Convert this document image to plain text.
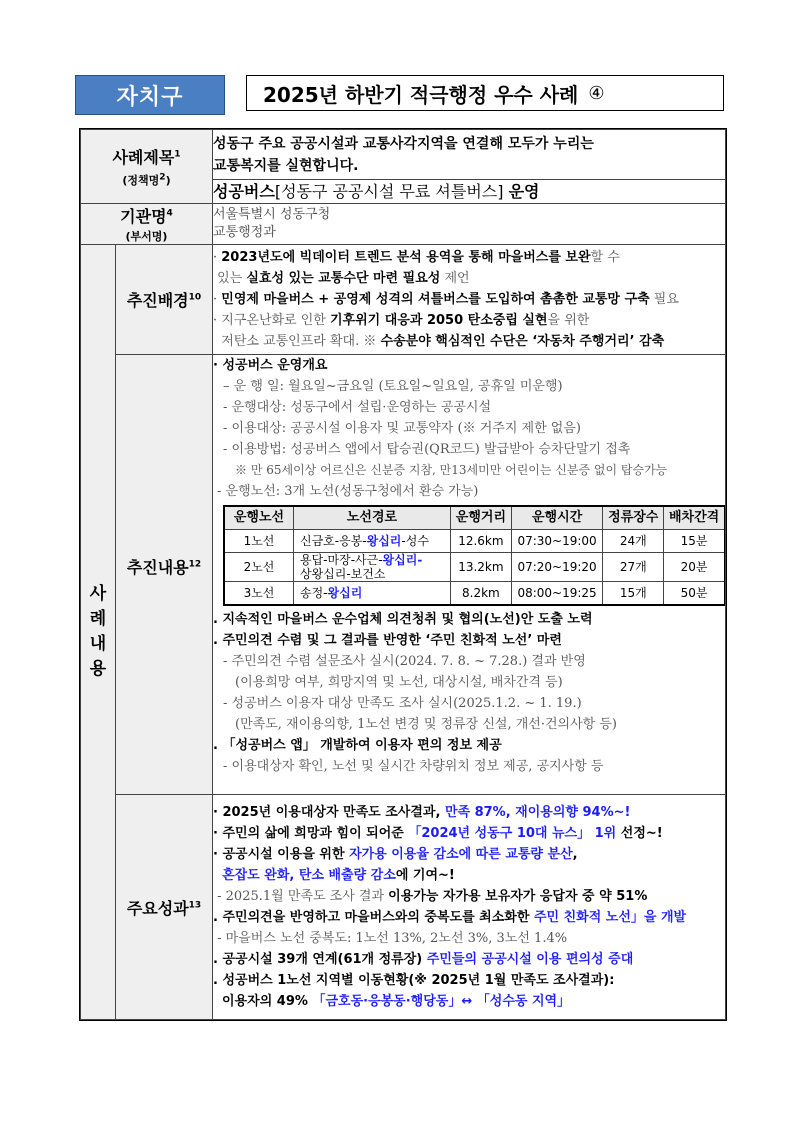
자치구	2025년 하반기 적극행정 우수 사례 ④
사례제목$^1$
(정책명$^2$)

성동구 주요 공공시설과 교통사각지역을 연결해 모두가 누리는
교통복지를 실현합니다.

성공버스[성동구 공공시설 무료 셔틀버스] 운영
기관명$^4$
(부서명)

서울특별시 성동구청
교통행정과

사
례
내
용	추진배경$^{10}$	
· 2023년도에 빅데이터 트렌드 분석 용역을 통해 마을버스를 보완할 수
있는 실효성 있는 교통수단 마련 필요성 제언
· 민영제 마을버스 + 공영제 성격의 셔틀버스를 도입하여 촘촘한 교통망 구축 필요
· 지구온난화로 인한 기후위기 대응과 2050 탄소중립 실현을 위한
저탄소 교통인프라 확대. ※ 수송분야 핵심적인 수단은 ‘자동차 주행거리’ 감축

추진내용$^{12}$	
· 성공버스 운영개요
– 운 행 일: 월요일~금요일 (토요일~일요일, 공휴일 미운행)
- 운행대상: 성동구에서 설립·운영하는 공공시설
- 이용대상: 공공시설 이용자 및 교통약자 (※ 거주지 제한 없음)
- 이용방법: 성공버스 앱에서 탑승권(QR코드) 발급받아 승차단말기 접촉
※ 만 65세이상 어르신은 신분증 지참, 만13세미만 어린이는 신분증 없이 탑승가능
- 운행노선: 3개 노선(성동구청에서 환승 가능)
운행노선	노선경로	운행거리	운행시간	정류장수	배차간격
1노선	신금호-응봉-왕십리-성수	12.6km	07:30~19:00	24개	15분
2노선	용답-마장-사근-왕십리-
상왕십리-보건소	13.2km	07:20~19:20	27개	20분
3노선	송정-왕십리	8.2km	08:00~19:25	15개	50분
. 지속적인 마을버스 운수업체 의견청취 및 협의(노선)안 도출 노력
. 주민의견 수렴 및 그 결과를 반영한 ‘주민 친화적 노선’ 마련
- 주민의견 수렴 설문조사 실시(2024. 7. 8. ~ 7.28.) 결과 반영
(이용희망 여부, 희망지역 및 노선, 대상시설, 배차간격 등)
- 성공버스 이용자 대상 만족도 조사 실시(2025.1.2. ~ 1. 19.)
(만족도, 재이용의향, 1노선 변경 및 정류장 신설, 개선·건의사항 등)
. 「성공버스 앱」 개발하여 이용자 편의 정보 제공
- 이용대상자 확인, 노선 및 실시간 차량위치 정보 제공, 공지사항 등

주요성과$^{13}$	
· 2025년 이용대상자 만족도 조사결과, 만족 87%, 재이용의향 94%~!
· 주민의 삶에 희망과 힘이 되어준 「2024년 성동구 10대 뉴스」 1위 선정~!
· 공공시설 이용을 위한 자가용 이용율 감소에 따른 교통량 분산,
혼잡도 완화, 탄소 배출량 감소에 기여~!
- 2025.1월 만족도 조사 결과 이용가능 자가용 보유자가 응답자 중 약 51%
. 주민의견을 반영하고 마을버스와의 중복도를 최소화한 주민 친화적 노선」을 개발
- 마을버스 노선 중복도: 1노선 13%, 2노선 3%, 3노선 1.4%
. 공공시설 39개 연계(61개 정류장) 주민들의 공공시설 이용 편의성 증대
. 성공버스 1노선 지역별 이동현황(※ 2025년 1월 만족도 조사결과):
이용자의 49% 「금호동·응봉동·행당동」↔ 「성수동 지역」
